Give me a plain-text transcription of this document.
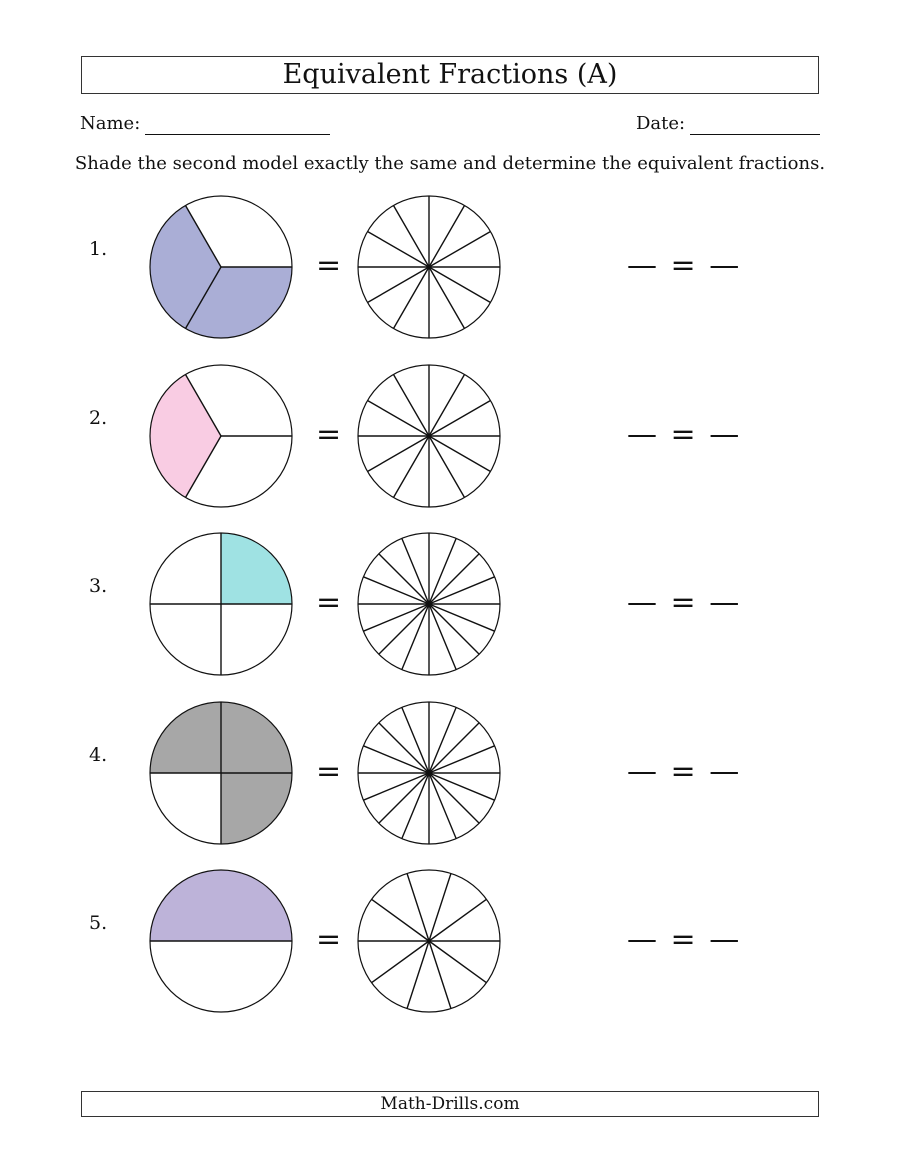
Equivalent Fractions (A)
Name:	Date:
Shade the second model exactly the same and determine the equivalent fractions.
1.	=	— = —
2.	=	— = —
3.	=	— = —
4.	=	— = —
5.	=	— = —
Math-Drills.com
